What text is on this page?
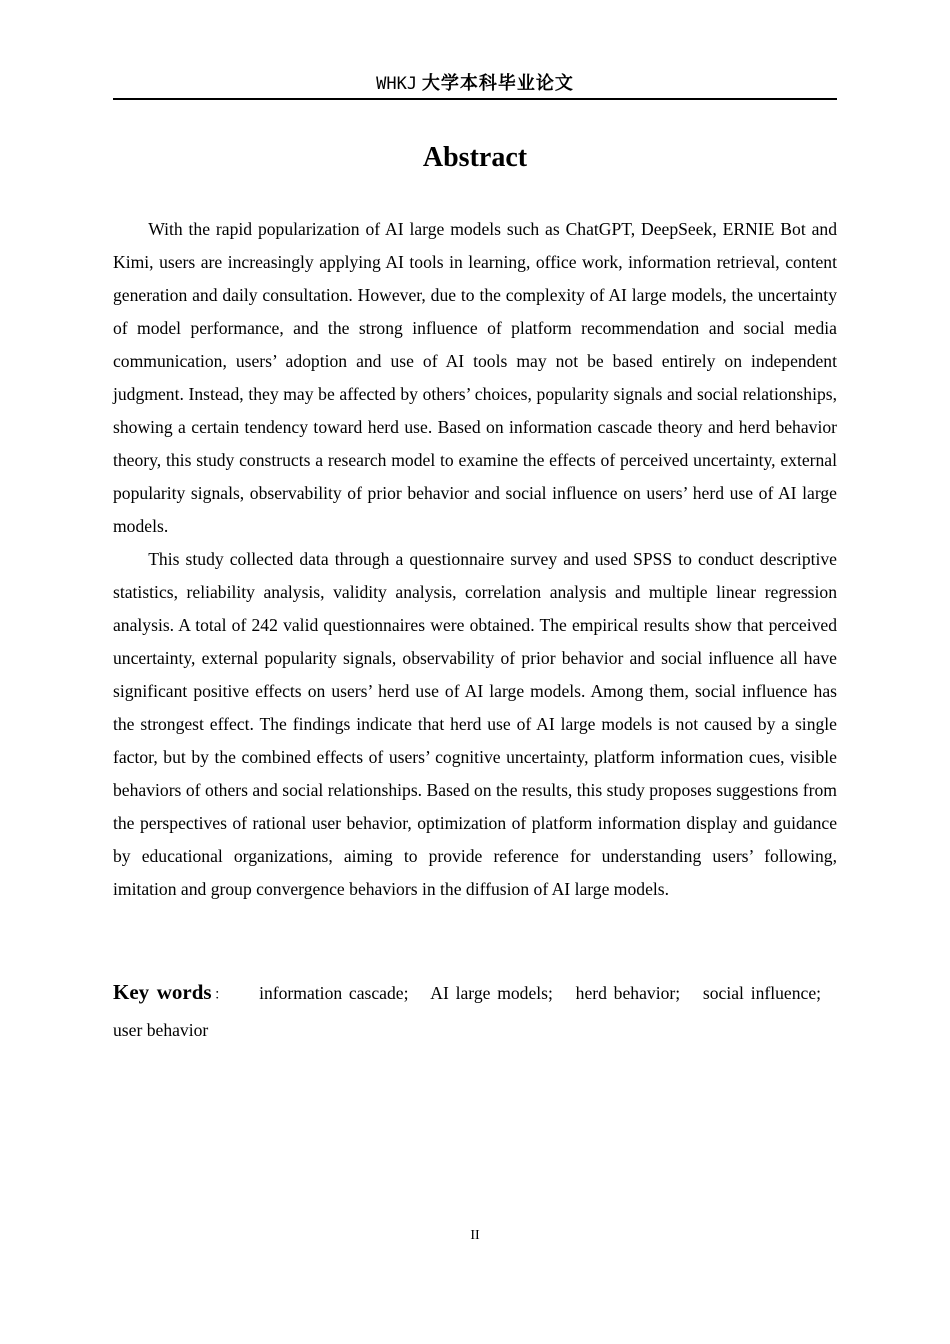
WHKJ 大学本科毕业论文
Abstract

With the rapid popularization of AI large models such as ChatGPT, DeepSeek, ERNIE Bot and Kimi, users are increasingly applying AI tools in learning, office work, information retrieval, content generation and daily consultation. However, due to the complexity of AI large models, the uncertainty of model performance, and the strong influence of platform recommendation and social media communication, users’ adoption and use of AI tools may not be based entirely on independent judgment. Instead, they may be affected by others’ choices, popularity signals and social relationships, showing a certain tendency toward herd use. Based on information cascade theory and herd behavior theory, this study constructs a research model to examine the effects of perceived uncertainty, external popularity signals, observability of prior behavior and social influence on users’ herd use of AI large models.

This study collected data through a questionnaire survey and used SPSS to conduct descriptive statistics, reliability analysis, validity analysis, correlation analysis and multiple linear regression analysis. A total of 242 valid questionnaires were obtained. The empirical results show that perceived uncertainty, external popularity signals, observability of prior behavior and social influence all have significant positive effects on users’ herd use of AI large models. Among them, social influence has the strongest effect. The findings indicate that herd use of AI large models is not caused by a single factor, but by the combined effects of users’ cognitive uncertainty, platform information cues, visible behaviors of others and social relationships. Based on the results, this study proposes suggestions from the perspectives of rational user behavior, optimization of platform information display and guidance by educational organizations, aiming to provide reference for understanding users’ following, imitation and group convergence behaviors in the diffusion of AI large models.

Key words： information cascade; AI large models; herd behavior; social influence; user behavior
II
